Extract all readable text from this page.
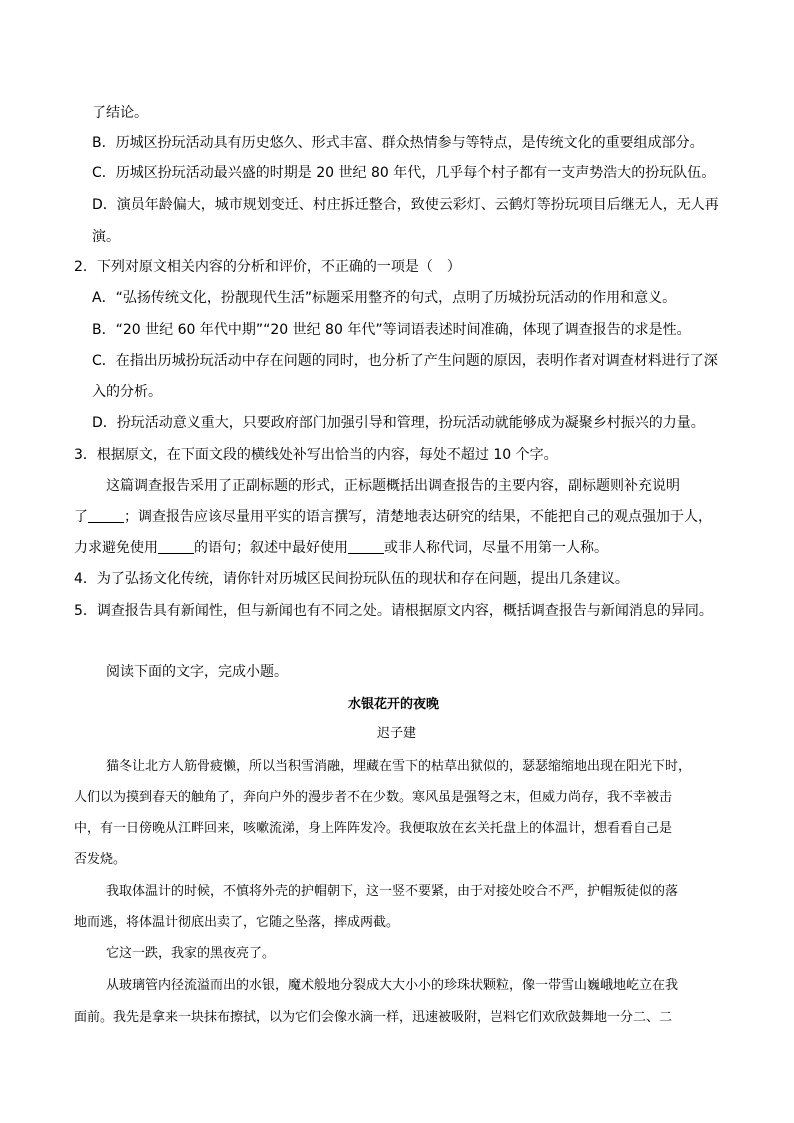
了结论。
B．历城区扮玩活动具有历史悠久、形式丰富、群众热情参与等特点，是传统文化的重要组成部分。
C．历城区扮玩活动最兴盛的时期是 20 世纪 80 年代，几乎每个村子都有一支声势浩大的扮玩队伍。
D．演员年龄偏大，城市规划变迁、村庄拆迁整合，致使云彩灯、云鹤灯等扮玩项目后继无人，无人再
演。
2．下列对原文相关内容的分析和评价，不正确的一项是（　）
A．“弘扬传统文化，扮靓现代生活”标题采用整齐的句式，点明了历城扮玩活动的作用和意义。
B．“20 世纪 60 年代中期”“20 世纪 80 年代”等词语表述时间准确，体现了调查报告的求是性。
C．在指出历城扮玩活动中存在问题的同时，也分析了产生问题的原因，表明作者对调查材料进行了深
入的分析。
D．扮玩活动意义重大，只要政府部门加强引导和管理，扮玩活动就能够成为凝聚乡村振兴的力量。
3．根据原文，在下面文段的横线处补写出恰当的内容，每处不超过 10 个字。
这篇调查报告采用了正副标题的形式，正标题概括出调查报告的主要内容，副标题则补充说明
了	；调查报告应该尽量用平实的语言撰写，清楚地表达研究的结果，不能把自己的观点强加于人，
力求避免使用	的语句；叙述中最好使用	或非人称代词，尽量不用第一人称。
4．为了弘扬文化传统，请你针对历城区民间扮玩队伍的现状和存在问题，提出几条建议。
5．调查报告具有新闻性，但与新闻也有不同之处。请根据原文内容，概括调查报告与新闻消息的异同。
阅读下面的文字，完成小题。
水银花开的夜晚
迟子建
猫冬让北方人筋骨疲懒，所以当积雪消融，埋藏在雪下的枯草出狱似的，瑟瑟缩缩地出现在阳光下时，
人们以为摸到春天的触角了，奔向户外的漫步者不在少数。寒风虽是强弩之末，但威力尚存，我不幸被击
中，有一日傍晚从江畔回来，咳嗽流涕，身上阵阵发冷。我便取放在玄关托盘上的体温计，想看看自己是
否发烧。
我取体温计的时候，不慎将外壳的护帽朝下，这一竖不要紧，由于对接处咬合不严，护帽叛徒似的落
地而逃，将体温计彻底出卖了，它随之坠落，摔成两截。
它这一跌，我家的黑夜亮了。
从玻璃管内径流溢而出的水银，魔术般地分裂成大大小小的珍珠状颗粒，像一带雪山巍峨地屹立在我
面前。我先是拿来一块抹布擦拭，以为它们会像水滴一样，迅速被吸附，岂料它们欢欣鼓舞地一分二、二
